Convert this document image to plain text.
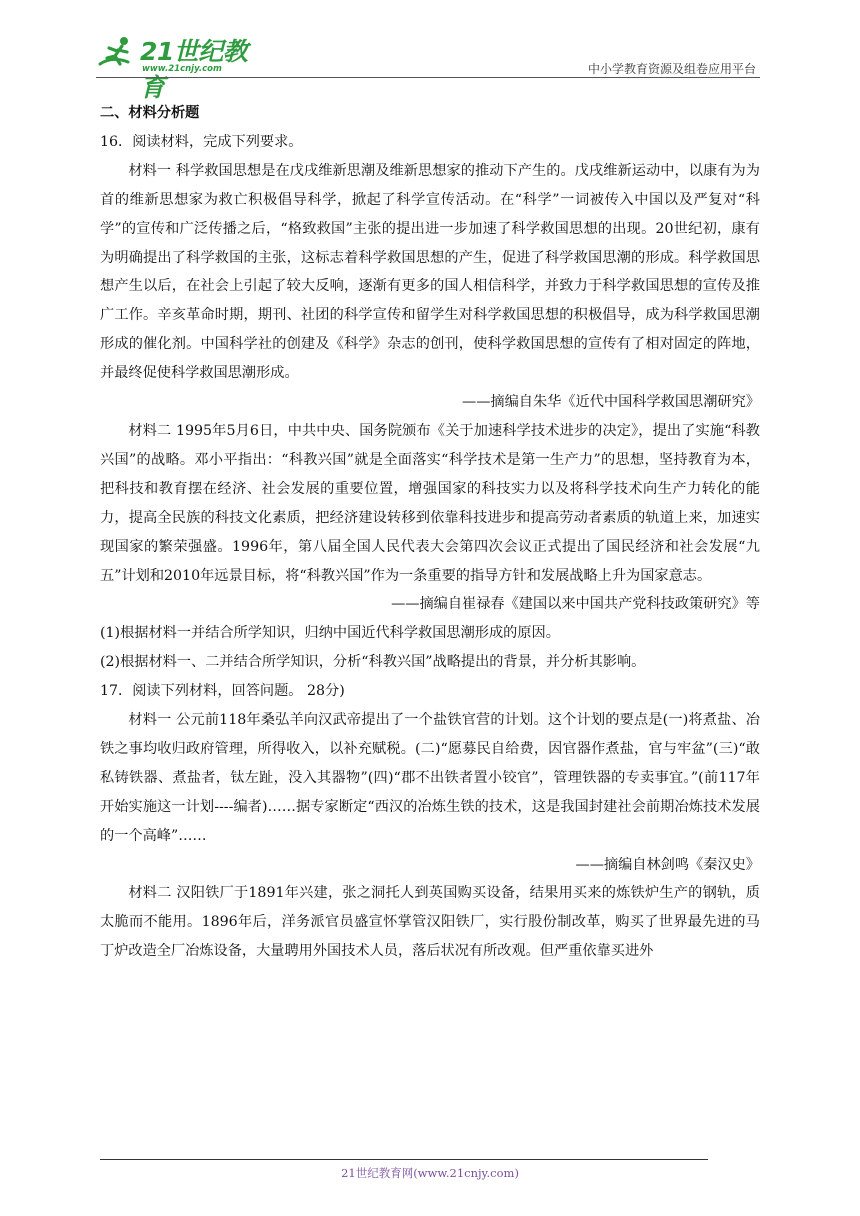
21世纪教育
www.21cnjy.com	中小学教育资源及组卷应用平台

二、材料分析题

16．阅读材料，完成下列要求。

材料一 科学救国思想是在戊戌维新思潮及维新思想家的推动下产生的。戊戌维新运动中，以康有为为首的维新思想家为救亡积极倡导科学，掀起了科学宣传活动。在“科学”一词被传入中国以及严复对“科学”的宣传和广泛传播之后，“格致救国”主张的提出进一步加速了科学救国思想的出现。20世纪初，康有为明确提出了科学救国的主张，这标志着科学救国思想的产生，促进了科学救国思潮的形成。科学救国思想产生以后，在社会上引起了较大反响，逐渐有更多的国人相信科学，并致力于科学救国思想的宣传及推广工作。辛亥革命时期，期刊、社团的科学宣传和留学生对科学救国思想的积极倡导，成为科学救国思潮形成的催化剂。中国科学社的创建及《科学》杂志的创刊，使科学救国思想的宣传有了相对固定的阵地，并最终促使科学救国思潮形成。

——摘编自朱华《近代中国科学救国思潮研究》

材料二 1995年5月6日，中共中央、国务院颁布《关于加速科学技术进步的决定》，提出了实施“科教兴国”的战略。邓小平指出：“科教兴国”就是全面落实“科学技术是第一生产力”的思想，坚持教育为本，把科技和教育摆在经济、社会发展的重要位置，增强国家的科技实力以及将科学技术向生产力转化的能力，提高全民族的科技文化素质，把经济建设转移到依靠科技进步和提高劳动者素质的轨道上来，加速实现国家的繁荣强盛。1996年，第八届全国人民代表大会第四次会议正式提出了国民经济和社会发展“九五”计划和2010年远景目标，将“科教兴国”作为一条重要的指导方针和发展战略上升为国家意志。

——摘编自崔禄春《建国以来中国共产党科技政策研究》等

(1)根据材料一并结合所学知识，归纳中国近代科学救国思潮形成的原因。

(2)根据材料一、二并结合所学知识，分析“科教兴国”战略提出的背景，并分析其影响。

17．阅读下列材料，回答问题。 28分)

材料一 公元前118年桑弘羊向汉武帝提出了一个盐铁官营的计划。这个计划的要点是(一)将煮盐、冶铁之事均收归政府管理，所得收入，以补充赋税。(二)“愿募民自给费，因官器作煮盐，官与牢盆”(三)“敢私铸铁器、煮盐者，钛左趾，没入其器物”(四)“郡不出铁者置小铰官”，管理铁器的专卖事宜。”(前117年开始实施这一计划----编者)……据专家断定“西汉的冶炼生铁的技术，这是我国封建社会前期冶炼技术发展的一个高峰”……

——摘编自林剑鸣《秦汉史》

材料二 汉阳铁厂于1891年兴建，张之洞托人到英国购买设备，结果用买来的炼铁炉生产的钢轨，质太脆而不能用。1896年后，洋务派官员盛宣怀掌管汉阳铁厂，实行股份制改革，购买了世界最先进的马丁炉改造全厂冶炼设备，大量聘用外国技术人员，落后状况有所改观。但严重依靠买进外

21世纪教育网(www.21cnjy.com)
